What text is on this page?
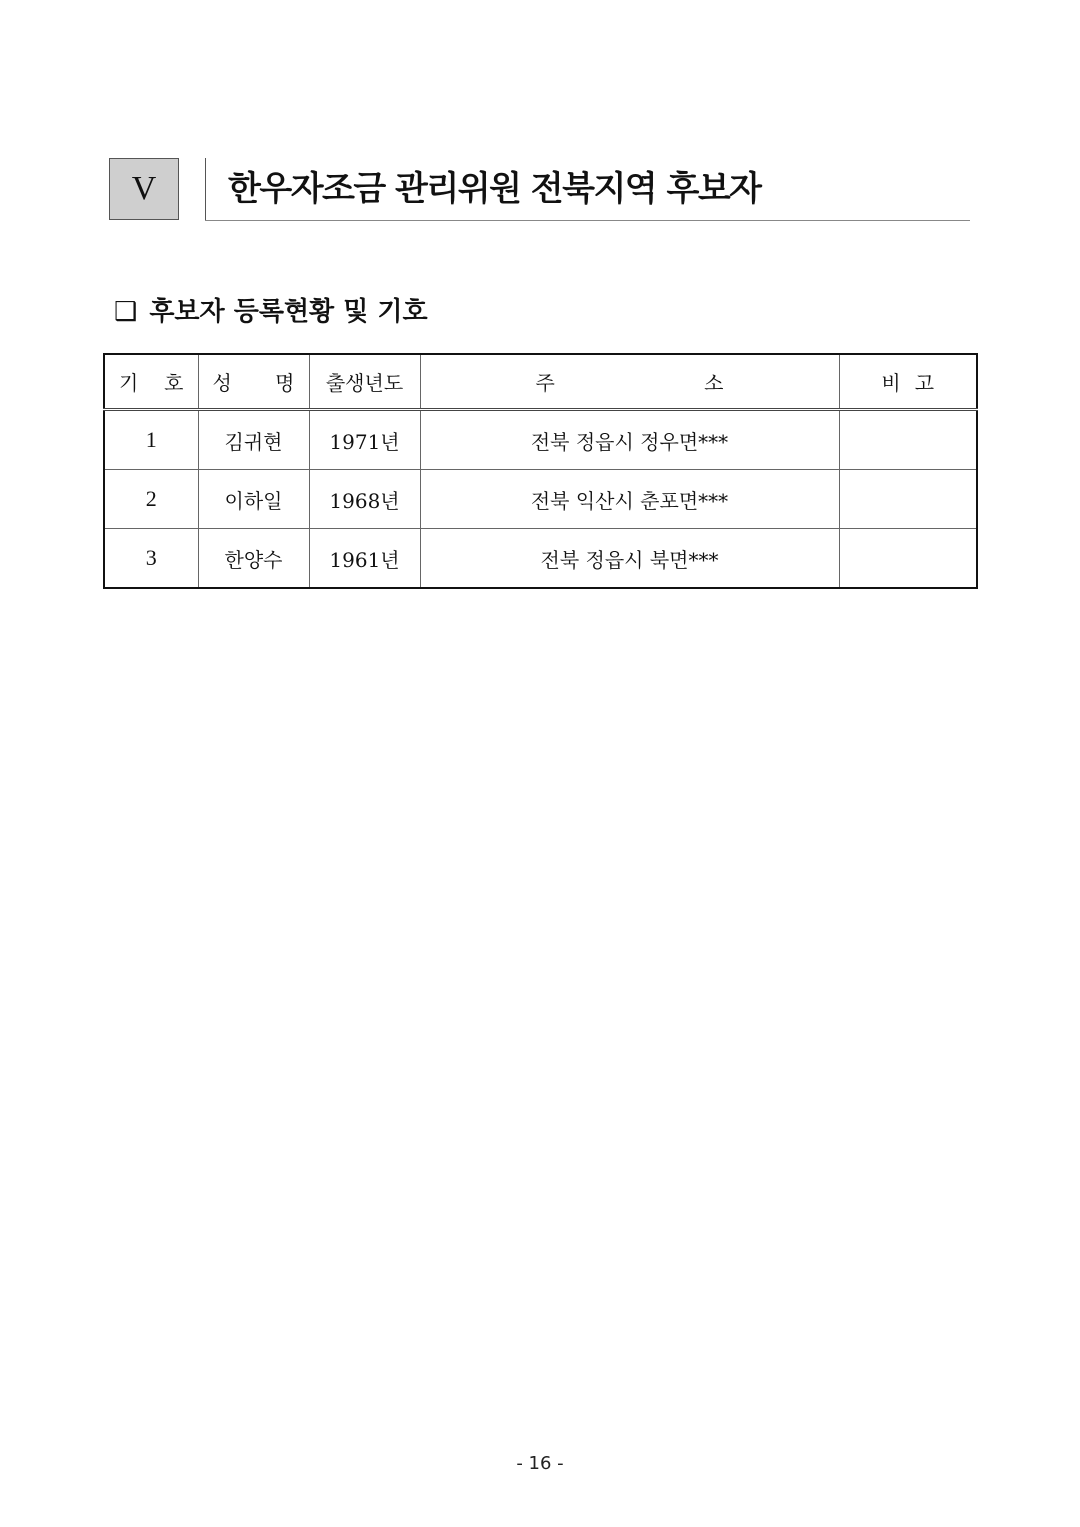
V 한우자조금 관리위원 전북지역 후보자
❑ 후보자 등록현황 및 기호
기 호	성 명	출생년도	주 소	비 고

1	김귀현	1971년	전북 정읍시 정우면***	
2	이하일	1968년	전북 익산시 춘포면***	
3	한양수	1961년	전북 정읍시 북면***	
- 16 -
